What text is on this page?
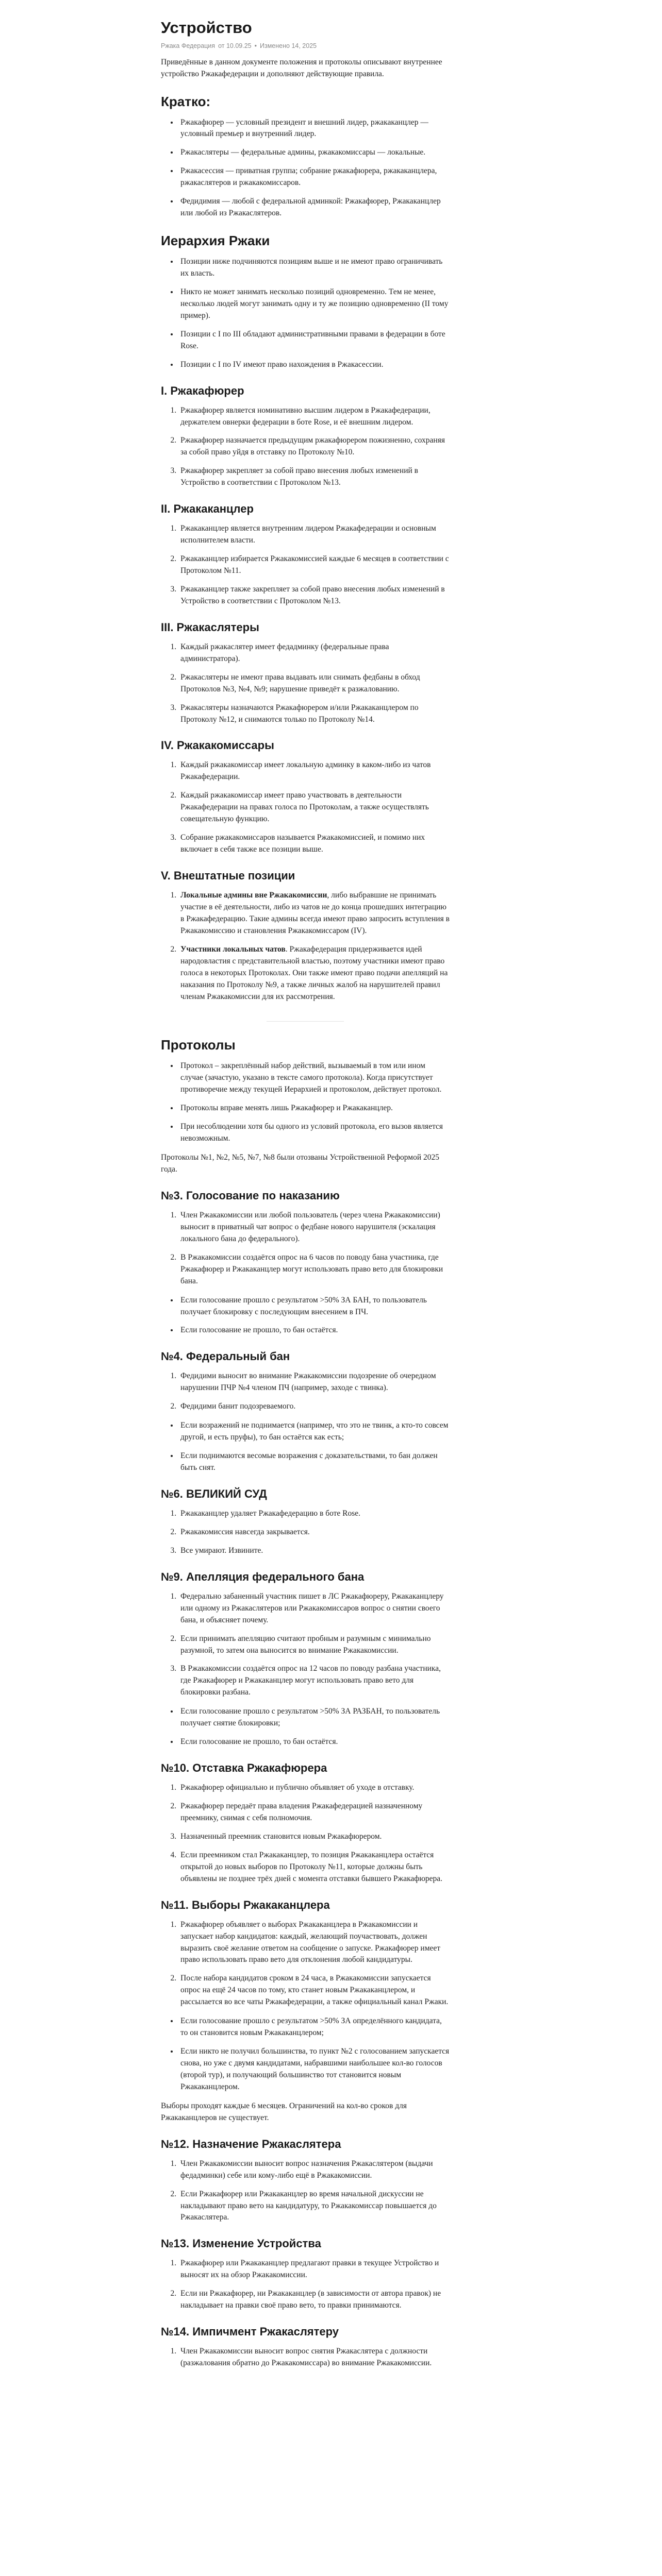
Устройство
Ржака Федерация от 10.09.25 • Изменено 14, 2025

Приведённые в данном документе положения и протоколы описывают внутреннее устройство Ржакафедерации и дополняют действующие правила.

Кратко:
• Ржакафюрер — условный президент и внешний лидер, ржакаканцлер — условный премьер и внутренний лидер.
• Ржакаслятеры — федеральные админы, ржакакомиссары — локальные.
• Ржакасессия — приватная группа; собрание ржакафюрера, ржакаканцлера, ржакаслятеров и ржакакомиссаров.
• Федидимия — любой с федеральной админкой: Ржакафюрер, Ржакаканцлер или любой из Ржакаслятеров.
Иерархия Ржаки
• Позиции ниже подчиняются позициям выше и не имеют право ограничивать их власть.
• Никто не может занимать несколько позиций одновременно. Тем не менее, несколько людей могут занимать одну и ту же позицию одновременно (II тому пример).
• Позиции с I по III обладают административными правами в федерации в боте Rose.
• Позиции с I по IV имеют право нахождения в Ржакасессии.
I. Ржакафюрер
1. Ржакафюрер является номинативно высшим лидером в Ржакафедерации, держателем овнерки федерации в боте Rose, и её внешним лидером.
2. Ржакафюрер назначается предыдущим ржакафюрером пожизненно, сохраняя за собой право уйдя в отставку по Протоколу №10.
3. Ржакафюрер закрепляет за собой право внесения любых изменений в Устройство в соответствии с Протоколом №13.
II. Ржакаканцлер
1. Ржакаканцлер является внутренним лидером Ржакафедерации и основным исполнителем власти.
2. Ржакаканцлер избирается Ржакакомиссией каждые 6 месяцев в соответствии с Протоколом №11.
3. Ржакаканцлер также закрепляет за собой право внесения любых изменений в Устройство в соответствии с Протоколом №13.
III. Ржакаслятеры
1. Каждый ржакаслятер имеет федадминку (федеральные права администратора).
2. Ржакаслятеры не имеют права выдавать или снимать федбаны в обход Протоколов №3, №4, №9; нарушение приведёт к разжалованию.
3. Ржакаслятеры назначаются Ржакафюрером и/или Ржакаканцлером по Протоколу №12, и снимаются только по Протоколу №14.
IV. Ржакакомиссары
1. Каждый ржакакомиссар имеет локальную админку в каком-либо из чатов Ржакафедерации.
2. Каждый ржакакомиссар имеет право участвовать в деятельности Ржакафедерации на правах голоса по Протоколам, а также осуществлять совещательную функцию.
3. Собрание ржакакомиссаров называется Ржакакомиссией, и помимо них включает в себя также все позиции выше.
V. Внештатные позиции
1. Локальные админы вне Ржакакомиссии, либо выбравшие не принимать участие в её деятельности, либо из чатов не до конца прошедших интеграцию в Ржакафедерацию. Такие админы всегда имеют право запросить вступления в Ржакакомиссию и становления Ржакакомиссаром (IV).
2. Участники локальных чатов. Ржакафедерация придерживается идей народовластия с представительной властью, поэтому участники имеют право голоса в некоторых Протоколах. Они также имеют право подачи апелляций на наказания по Протоколу №9, а также личных жалоб на нарушителей правил членам Ржакакомиссии для их рассмотрения.
Протоколы
• Протокол – закреплённый набор действий, вызываемый в том или ином случае (зачастую, указано в тексте самого протокола). Когда присутствует противоречие между текущей Иерархией и протоколом, действует протокол.
• Протоколы вправе менять лишь Ржакафюрер и Ржакаканцлер.
• При несоблюдении хотя бы одного из условий протокола, его вызов является невозможным.

Протоколы №1, №2, №5, №7, №8 были отозваны Устройственной Реформой 2025 года.

№3. Голосование по наказанию
1. Член Ржакакомиссии или любой пользователь (через члена Ржакакомиссии) выносит в приватный чат вопрос о федбане нового нарушителя (эскалация локального бана до федерального).
2. В Ржакакомиссии создаётся опрос на 6 часов по поводу бана участника, где Ржакафюрер и Ржакаканцлер могут использовать право вето для блокировки бана.
• Если голосование прошло с результатом >50% ЗА БАН, то пользователь получает блокировку с последующим внесением в ПЧ.
• Если голосование не прошло, то бан остаётся.
№4. Федеральный бан
1. Федидими выносит во внимание Ржакакомиссии подозрение об очередном нарушении ПЧР №4 членом ПЧ (например, заходе с твинка).
2. Федидими банит подозреваемого.
• Если возражений не поднимается (например, что это не твинк, а кто-то совсем другой, и есть пруфы), то бан остаётся как есть;
• Если поднимаются весомые возражения с доказательствами, то бан должен быть снят.
№6. ВЕЛИКИЙ СУД
1. Ржакаканцлер удаляет Ржакафедерацию в боте Rose.
2. Ржакакомиссия навсегда закрывается.
3. Все умирают. Извините.
№9. Апелляция федерального бана
1. Федерально забаненный участник пишет в ЛС Ржакафюреру, Ржакаканцлеру или одному из Ржакаслятеров или Ржакакомиссаров вопрос о снятии своего бана, и объясняет почему.
2. Если принимать апелляцию считают пробным и разумным с минимально разумной, то затем она выносится во внимание Ржакакомиссии.
3. В Ржакакомиссии создаётся опрос на 12 часов по поводу разбана участника, где Ржакафюрер и Ржакаканцлер могут использовать право вето для блокировки разбана.
• Если голосование прошло с результатом >50% ЗА РАЗБАН, то пользователь получает снятие блокировки;
• Если голосование не прошло, то бан остаётся.
№10. Отставка Ржакафюрера
1. Ржакафюрер официально и публично объявляет об уходе в отставку.
2. Ржакафюрер передаёт права владения Ржакафедерацией назначенному преемнику, снимая с себя полномочия.
3. Назначенный преемник становится новым Ржакафюрером.
4. Если преемником стал Ржакаканцлер, то позиция Ржакаканцлера остаётся открытой до новых выборов по Протоколу №11, которые должны быть объявлены не позднее трёх дней с момента отставки бывшего Ржакафюрера.
№11. Выборы Ржакаканцлера
1. Ржакафюрер объявляет о выборах Ржакаканцлера в Ржакакомиссии и запускает набор кандидатов: каждый, желающий поучаствовать, должен выразить своё желание ответом на сообщение о запуске. Ржакафюрер имеет право использовать право вето для отклонения любой кандидатуры.
2. После набора кандидатов сроком в 24 часа, в Ржакакомиссии запускается опрос на ещё 24 часов по тому, кто станет новым Ржакаканцлером, и рассылается во все чаты Ржакафедерации, а также официальный канал Ржаки.
• Если голосование прошло с результатом >50% ЗА определённого кандидата, то он становится новым Ржакаканцлером;
• Если никто не получил большинства, то пункт №2 с голосованием запускается снова, но уже с двумя кандидатами, набравшими наибольшее кол-во голосов (второй тур), и получающий большинство тот становится новым Ржакаканцлером.

Выборы проходят каждые 6 месяцев. Ограничений на кол-во сроков для Ржакаканцлеров не существует.

№12. Назначение Ржакаслятера
1. Член Ржакакомиссии выносит вопрос назначения Ржакаслятером (выдачи федадминки) себе или кому-либо ещё в Ржакакомиссии.
2. Если Ржакафюрер или Ржакаканцлер во время начальной дискуссии не накладывают право вето на кандидатуру, то Ржакакомиссар повышается до Ржакаслятера.
№13. Изменение Устройства
1. Ржакафюрер или Ржакаканцлер предлагают правки в текущее Устройство и выносят их на обзор Ржакакомиссии.
2. Если ни Ржакафюрер, ни Ржакаканцлер (в зависимости от автора правок) не накладывает на правки своё право вето, то правки принимаются.
№14. Импичмент Ржакаслятеру
1. Член Ржакакомиссии выносит вопрос снятия Ржакаслятера с должности (разжалования обратно до Ржакакомиссара) во внимание Ржакакомиссии.
